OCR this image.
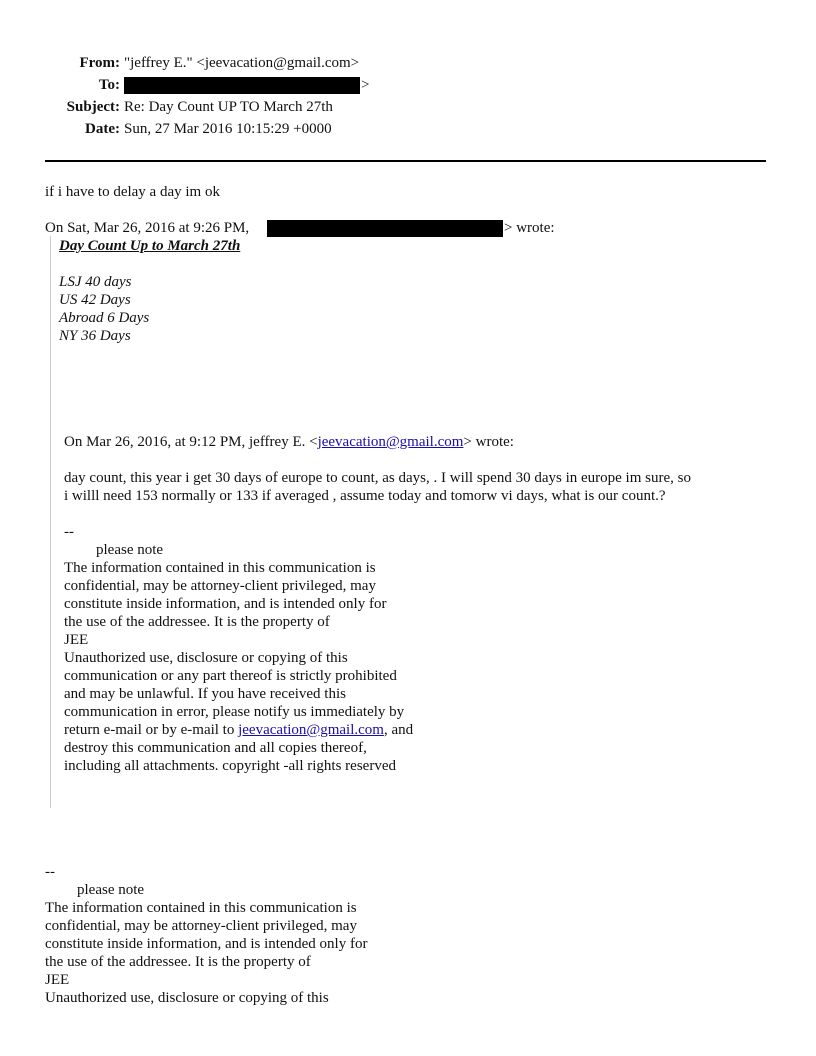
From: "jeffrey E." <jeevacation@gmail.com>
To:	>
Subject: Re: Day Count UP TO March 27th
Date: Sun, 27 Mar 2016 10:15:29 +0000
if i have to delay a day im ok
On Sat, Mar 26, 2016 at 9:26 PM,	> wrote:
Day Count Up to March 27th
LSJ 40 days
US 42 Days
Abroad 6 Days
NY 36 Days
On Mar 26, 2016, at 9:12 PM, jeffrey E. <jeevacation@gmail.com> wrote:
day count, this year i get 30 days of europe to count, as days, . I will spend 30 days in europe im sure, so
i willl need 153 normally or 133 if averaged , assume today and tomorw vi days, what is our count.?
--
please note
The information contained in this communication is
confidential, may be attorney-client privileged, may
constitute inside information, and is intended only for
the use of the addressee. It is the property of
JEE
Unauthorized use, disclosure or copying of this
communication or any part thereof is strictly prohibited
and may be unlawful. If you have received this
communication in error, please notify us immediately by
return e-mail or by e-mail to jeevacation@gmail.com, and
destroy this communication and all copies thereof,
including all attachments. copyright -all rights reserved
--
please note
The information contained in this communication is
confidential, may be attorney-client privileged, may
constitute inside information, and is intended only for
the use of the addressee. It is the property of
JEE
Unauthorized use, disclosure or copying of this
